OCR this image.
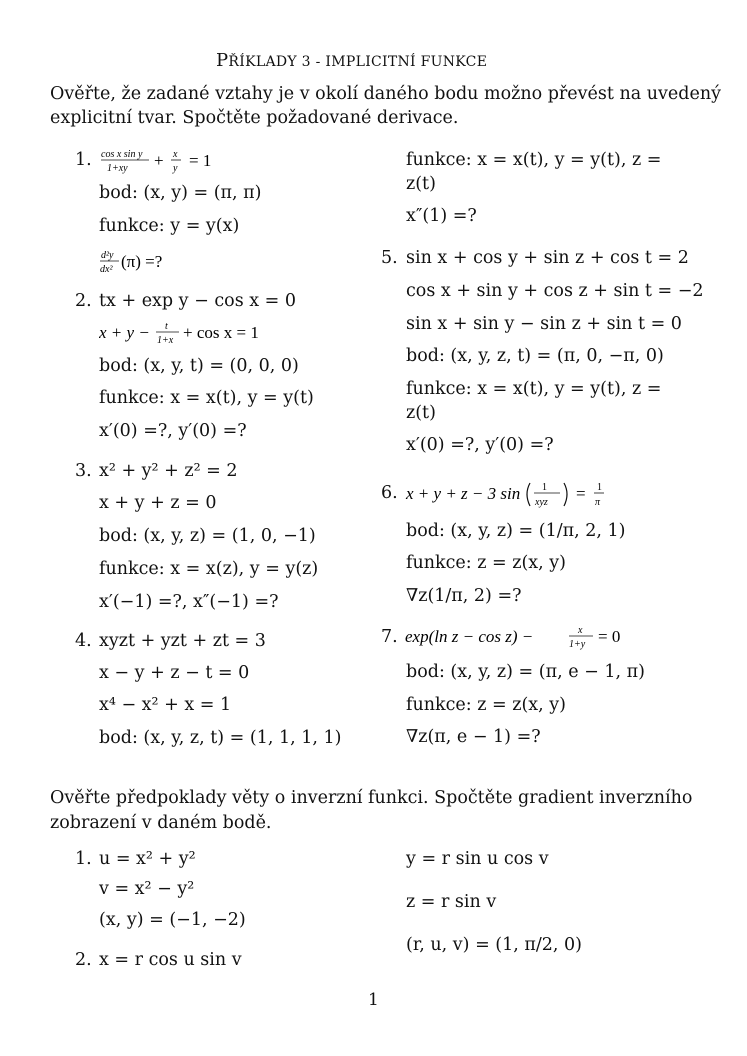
PŘÍKLADY 3 - IMPLICITNÍ FUNKCE
Ověřte, že zadané vztahy je v okolí daného bodu možno převést na uvedený
explicitní tvar. Spočtěte požadované derivace.
1. cos x sin y
1+xy + x
y = 1
bod: (x, y) = (π, π)
funkce: y = y(x)
d²y
dx² (π) =?
2. tx + exp y − cos x = 0
x + y − t
1+x + cos x = 1
bod: (x, y, t) = (0, 0, 0)
funkce: x = x(t), y = y(t)
x′(0) =?, y′(0) =?
3. x² + y² + z² = 2
x + y + z = 0
bod: (x, y, z) = (1, 0, −1)
funkce: x = x(z), y = y(z)
x′(−1) =?, x″(−1) =?
4. xyzt + yzt + zt = 3
x − y + z − t = 0
x⁴ − x² + x = 1
bod: (x, y, z, t) = (1, 1, 1, 1)
funkce: x = x(t), y = y(t), z =
z(t)
x″(1) =?
5. sin x + cos y + sin z + cos t = 2
cos x + sin y + cos z + sin t = −2
sin x + sin y − sin z + sin t = 0
bod: (x, y, z, t) = (π, 0, −π, 0)
funkce: x = x(t), y = y(t), z =
z(t)
x′(0) =?, y′(0) =?
6. x + y + z − 3 sin 1
xyz = 1
π
bod: (x, y, z) = (1/π, 2, 1)
funkce: z = z(x, y)
∇z(1/π, 2) =?
7. exp(ln z − cos z) −	x
1+y = 0
bod: (x, y, z) = (π, e − 1, π)
funkce: z = z(x, y)
∇z(π, e − 1) =?
Ověřte předpoklady věty o inverzní funkci. Spočtěte gradient inverzního
zobrazení v daném bodě.
1. u = x² + y²
v = x² − y²
(x, y) = (−1, −2)
2. x = r cos u sin v
y = r sin u cos v
z = r sin v
(r, u, v) = (1, π/2, 0)
1
